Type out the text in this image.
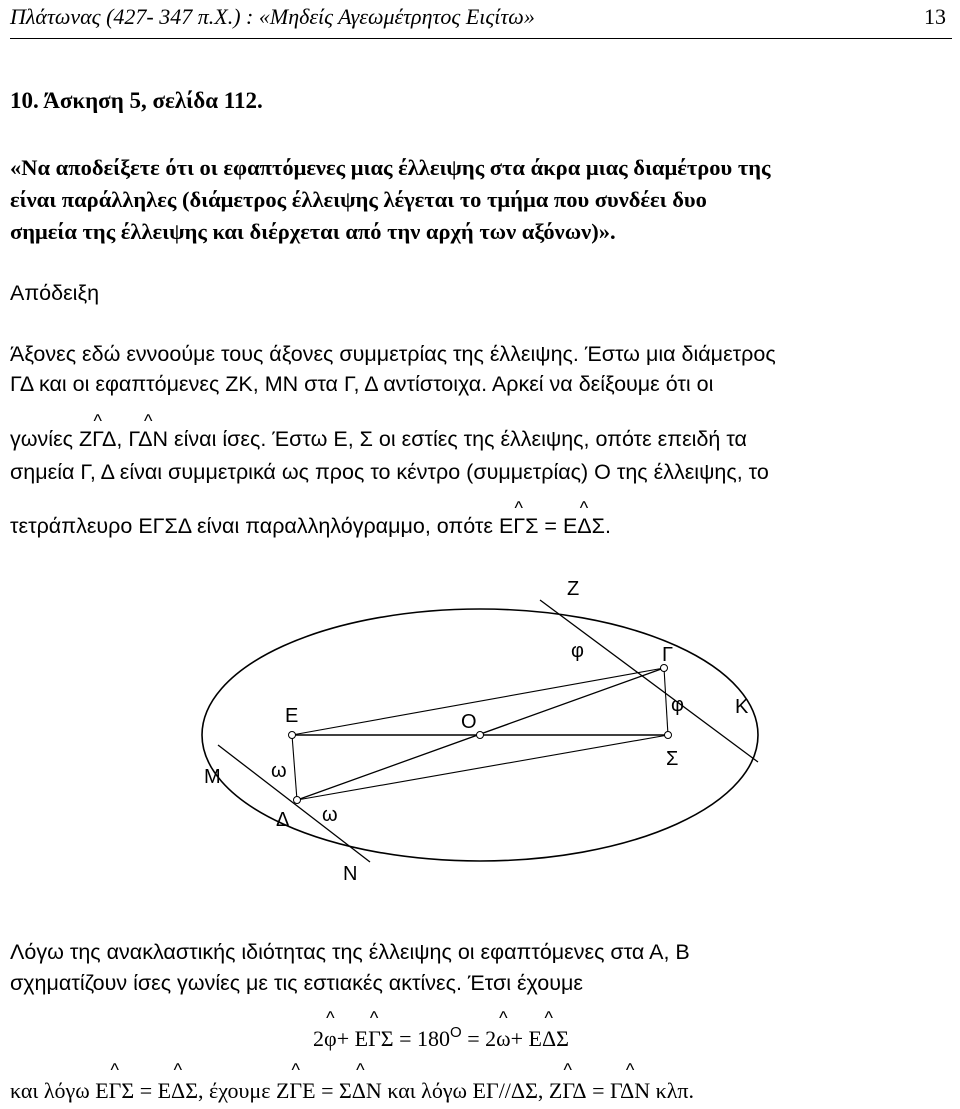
Πλάτωνας (427- 347 π.Χ.) : «Μηδείς Αγεωμέτρητος Ειςίτω»	13
10. Άσκηση 5, σελίδα 112.
«Να αποδείξετε ότι οι εφαπτόμενες μιας έλλειψης στα άκρα μιας διαμέτρου της
είναι παράλληλες (διάμετρος έλλειψης λέγεται το τμήμα που συνδέει δυο
σημεία της έλλειψης και διέρχεται από την αρχή των αξόνων)».
Απόδειξη
Άξονες εδώ εννοούμε τους άξονες συμμετρίας της έλλειψης. Έστω μια διάμετρος
ΓΔ και οι εφαπτόμενες ΖΚ, ΜΝ στα Γ, Δ αντίστοιχα. Αρκεί να δείξουμε ότι οι
γωνίες ^ ΖΓΔ, ^ ΓΔΝ είναι ίσες. Έστω Ε, Σ οι εστίες της έλλειψης, οπότε επειδή τα
σημεία Γ, Δ είναι συμμετρικά ως προς το κέντρο (συμμετρίας) Ο της έλλειψης, το
τετράπλευρο ΕΓΣΔ είναι παραλληλόγραμμο, οπότε ^ ΕΓΣ = ^ ΕΔΣ.
Ζ
φ	Γ
φ	Κ
Ε	Ο
Σ
Μ	ω
Δ ω
Ν
Λόγω της ανακλαστικής ιδιότητας της έλλειψης οι εφαπτόμενες στα Α, Β
σχηματίζουν ίσες γωνίες με τις εστιακές ακτίνες. Έτσι έχουμε
2^ φ+ ^ $E\Gamma\Sigma = 180^O$ = 2^ ω+ ^ ΕΔΣ
και λόγω ^ ΕΓΣ = ^ ΕΔΣ, έχουμε ^ ΖΓΕ = ^ ΣΔΝ και λόγω ΕΓ//ΔΣ, ^ ΖΓΔ = ^ ΓΔΝ κλπ.
